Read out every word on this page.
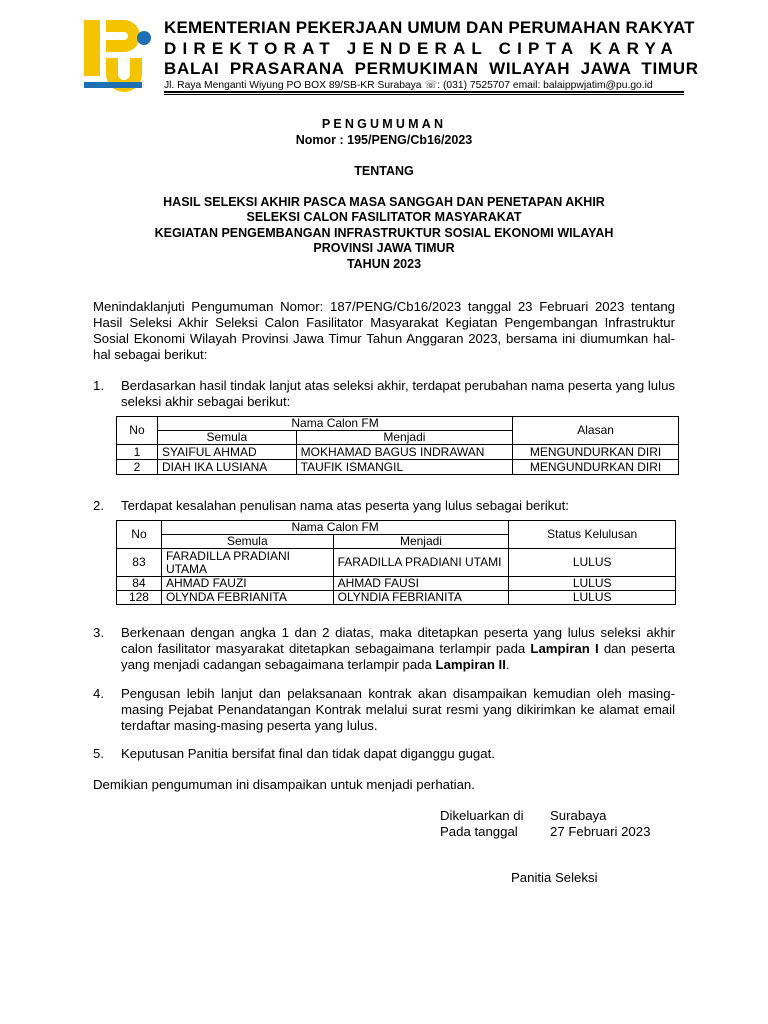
KEMENTERIAN PEKERJAAN UMUM DAN PERUMAHAN RAKYAT
DIREKTORAT JENDERAL CIPTA KARYA
BALAI PRASARANA PERMUKIMAN WILAYAH JAWA TIMUR
Jl. Raya Menganti Wiyung PO BOX 89/SB-KR Surabaya ☏: (031) 7525707 email: balaippwjatim@pu.go.id
PENGUMUMAN
Nomor : 195/PENG/Cb16/2023
TENTANG
HASIL SELEKSI AKHIR PASCA MASA SANGGAH DAN PENETAPAN AKHIR
SELEKSI CALON FASILITATOR MASYARAKAT
KEGIATAN PENGEMBANGAN INFRASTRUKTUR SOSIAL EKONOMI WILAYAH
PROVINSI JAWA TIMUR
TAHUN 2023
Menindaklanjuti Pengumuman Nomor: 187/PENG/Cb16/2023 tanggal 23 Februari 2023 tentang Hasil Seleksi Akhir Seleksi Calon Fasilitator Masyarakat Kegiatan Pengembangan Infrastruktur Sosial Ekonomi Wilayah Provinsi Jawa Timur Tahun Anggaran 2023, bersama ini diumumkan hal-hal sebagai berikut:
1. Berdasarkan hasil tindak lanjut atas seleksi akhir, terdapat perubahan nama peserta yang lulus seleksi akhir sebagai berikut:
No	Nama Calon FM		Alasan
	Semula	Menjadi	
1	SYAIFUL AHMAD	MOKHAMAD BAGUS INDRAWAN	MENGUNDURKAN DIRI
2	DIAH IKA LUSIANA	TAUFIK ISMANGIL	MENGUNDURKAN DIRI
2. Terdapat kesalahan penulisan nama atas peserta yang lulus sebagai berikut:
No	Nama Calon FM		Status Kelulusan
	Semula	Menjadi	
83	FARADILLA PRADIANI UTAMA	FARADILLA PRADIANI UTAMI	LULUS
84	AHMAD FAUZI	AHMAD FAUSI	LULUS
128	OLYNDA FEBRIANITA	OLYNDIA FEBRIANITA	LULUS
3. Berkenaan dengan angka 1 dan 2 diatas, maka ditetapkan peserta yang lulus seleksi akhir calon fasilitator masyarakat ditetapkan sebagaimana terlampir pada Lampiran I dan peserta yang menjadi cadangan sebagaimana terlampir pada Lampiran II.
4. Pengusan lebih lanjut dan pelaksanaan kontrak akan disampaikan kemudian oleh masing-masing Pejabat Penandatangan Kontrak melalui surat resmi yang dikirimkan ke alamat email terdaftar masing-masing peserta yang lulus.
5. Keputusan Panitia bersifat final dan tidak dapat diganggu gugat.
Demikian pengumuman ini disampaikan untuk menjadi perhatian.
Dikeluarkan di Surabaya
Pada tanggal 27 Februari 2023
Panitia Seleksi
